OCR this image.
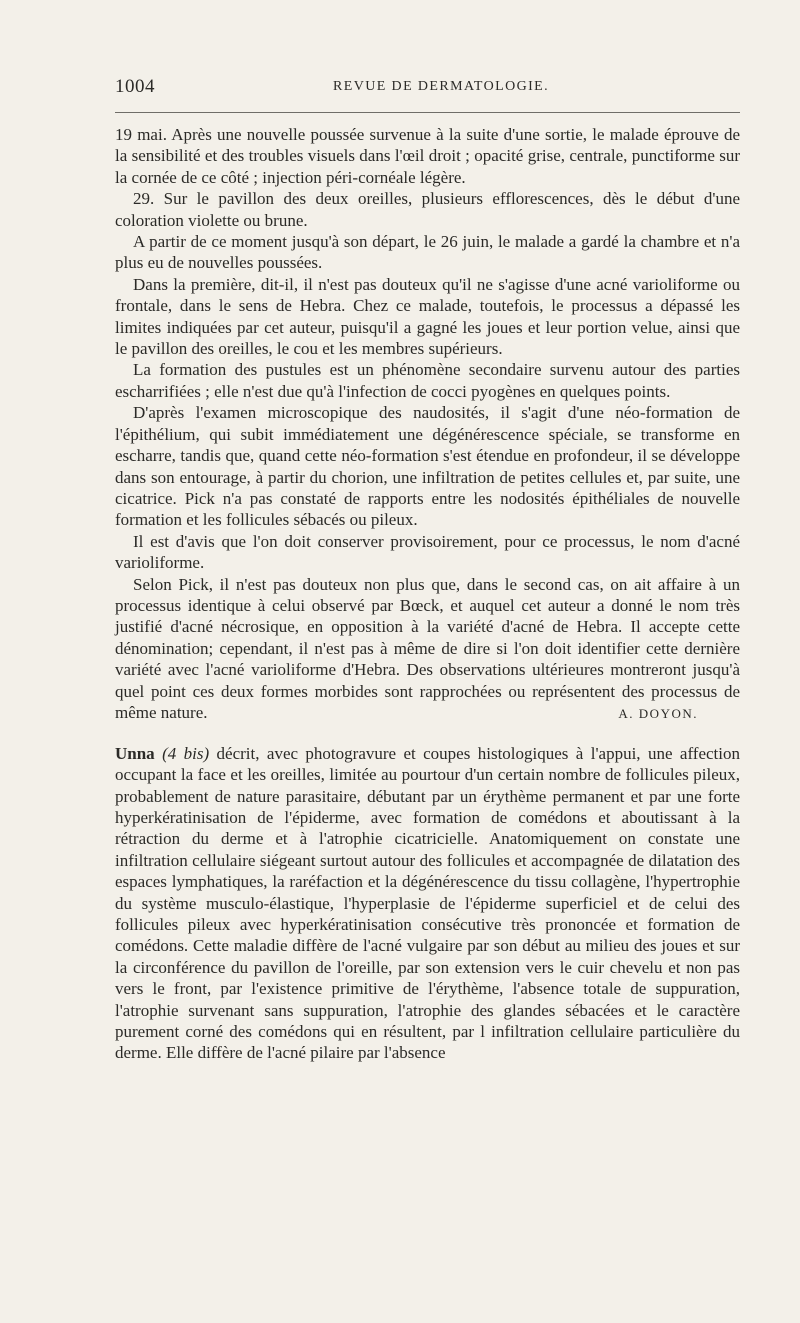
1004	REVUE DE DERMATOLOGIE.

19 mai. Après une nouvelle poussée survenue à la suite d'une sortie, le malade éprouve de la sensibilité et des troubles visuels dans l'œil droit ; opacité grise, centrale, punctiforme sur la cornée de ce côté ; injection péri-cornéale légère.

29. Sur le pavillon des deux oreilles, plusieurs efflorescences, dès le début d'une coloration violette ou brune.

A partir de ce moment jusqu'à son départ, le 26 juin, le malade a gardé la chambre et n'a plus eu de nouvelles poussées.

Dans la première, dit-il, il n'est pas douteux qu'il ne s'agisse d'une acné varioliforme ou frontale, dans le sens de Hebra. Chez ce malade, toutefois, le processus a dépassé les limites indiquées par cet auteur, puisqu'il a gagné les joues et leur portion velue, ainsi que le pavillon des oreilles, le cou et les membres supérieurs.

La formation des pustules est un phénomène secondaire survenu autour des parties escharrifiées ; elle n'est due qu'à l'infection de cocci pyogènes en quelques points.

D'après l'examen microscopique des naudosités, il s'agit d'une néo-formation de l'épithélium, qui subit immédiatement une dégénérescence spéciale, se transforme en escharre, tandis que, quand cette néo-formation s'est étendue en profondeur, il se développe dans son entourage, à partir du chorion, une infiltration de petites cellules et, par suite, une cicatrice. Pick n'a pas constaté de rapports entre les nodosités épithéliales de nouvelle formation et les follicules sébacés ou pileux.

Il est d'avis que l'on doit conserver provisoirement, pour ce processus, le nom d'acné varioliforme.

Selon Pick, il n'est pas douteux non plus que, dans le second cas, on ait affaire à un processus identique à celui observé par Bœck, et auquel cet auteur a donné le nom très justifié d'acné nécrosique, en opposition à la variété d'acné de Hebra. Il accepte cette dénomination; cependant, il n'est pas à même de dire si l'on doit identifier cette dernière variété avec l'acné varioliforme d'Hebra. Des observations ultérieures montreront jusqu'à quel point ces deux formes morbides sont rapprochées ou représentent des processus de même nature.	A. DOYON.

Unna (4 bis) décrit, avec photogravure et coupes histologiques à l'appui, une affection occupant la face et les oreilles, limitée au pourtour d'un certain nombre de follicules pileux, probablement de nature parasitaire, débutant par un érythème permanent et par une forte hyperkératinisation de l'épiderme, avec formation de comédons et aboutissant à la rétraction du derme et à l'atrophie cicatricielle. Anatomiquement on constate une infiltration cellulaire siégeant surtout autour des follicules et accompagnée de dilatation des espaces lymphatiques, la raréfaction et la dégénérescence du tissu collagène, l'hypertrophie du système musculo-élastique, l'hyperplasie de l'épiderme superficiel et de celui des follicules pileux avec hyperkératinisation consécutive très prononcée et formation de comédons. Cette maladie diffère de l'acné vulgaire par son début au milieu des joues et sur la circonférence du pavillon de l'oreille, par son extension vers le cuir chevelu et non pas vers le front, par l'existence primitive de l'érythème, l'absence totale de suppuration, l'atrophie survenant sans suppuration, l'atrophie des glandes sébacées et le caractère purement corné des comédons qui en résultent, par l infiltration cellulaire particulière du derme. Elle diffère de l'acné pilaire par l'absence
